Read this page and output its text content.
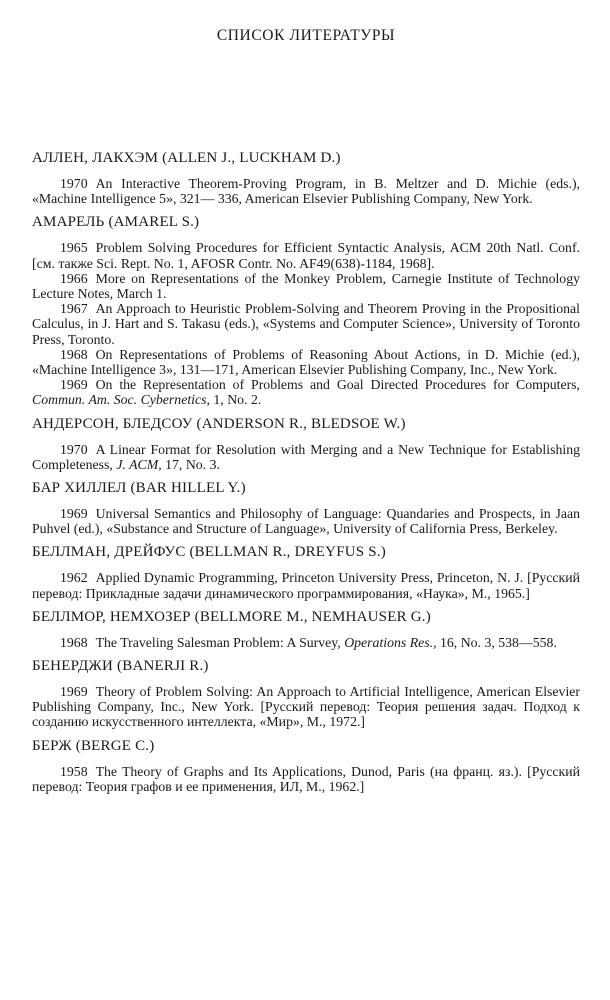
СПИСОК ЛИТЕРАТУРЫ
АЛЛЕН, ЛАКХЭМ (ALLEN J., LUCKHAM D.)

1970 An Interactive Theorem-Proving Program, in B. Meltzer and D. Michie (eds.), «Machine Intelligence 5», 321— 336, American Elsevier Publishing Company, New York.

АМАРЕЛЬ (AMAREL S.)

1965 Problem Solving Procedures for Efficient Syntactic Analysis, ACM 20th Natl. Conf. [см. также Sci. Rept. No. 1, AFOSR Contr. No. AF49(638)-1184, 1968].

1966 More on Representations of the Monkey Problem, Carnegie Institute of Technology Lecture Notes, March 1.

1967 An Approach to Heuristic Problem-Solving and Theorem Proving in the Propositional Calculus, in J. Hart and S. Takasu (eds.), «Systems and Computer Science», University of Toronto Press, Toronto.

1968 On Representations of Problems of Reasoning About Actions, in D. Michie (ed.), «Machine Intelligence 3», 131—171, American Elsevier Publishing Company, Inc., New York.

1969 On the Representation of Problems and Goal Directed Procedures for Computers, Commun. Am. Soc. Cybernetics, 1, No. 2.

АНДЕРСОН, БЛЕДСОУ (ANDERSON R., BLEDSOE W.)

1970 A Linear Format for Resolution with Merging and a New Technique for Establishing Completeness, J. ACM, 17, No. 3.

БАР ХИЛЛЕЛ (BAR HILLEL Y.)

1969 Universal Semantics and Philosophy of Language: Quandaries and Prospects, in Jaan Puhvel (ed.), «Substance and Structure of Language», University of California Press, Berkeley.

БЕЛЛМАН, ДРЕЙФУС (BELLMAN R., DREYFUS S.)

1962 Applied Dynamic Programming, Princeton University Press, Princeton, N. J. [Русский перевод: Прикладные задачи динамического программирования, «Наука», М., 1965.]

БЕЛЛМОР, НЕМХОЗЕР (BELLMORE M., NEMHAUSER G.)

1968 The Traveling Salesman Problem: A Survey, Operations Res., 16, No. 3, 538—558.

БЕНЕРДЖИ (BANERJI R.)

1969 Theory of Problem Solving: An Approach to Artificial Intelligence, American Elsevier Publishing Company, Inc., New York. [Русский перевод: Теория решения задач. Подход к созданию искусственного интеллекта, «Мир», М., 1972.]

БЕРЖ (BERGE C.)

1958 The Theory of Graphs and Its Applications, Dunod, Paris (на франц. яз.). [Русский перевод: Теория графов и ее применения, ИЛ, М., 1962.]
